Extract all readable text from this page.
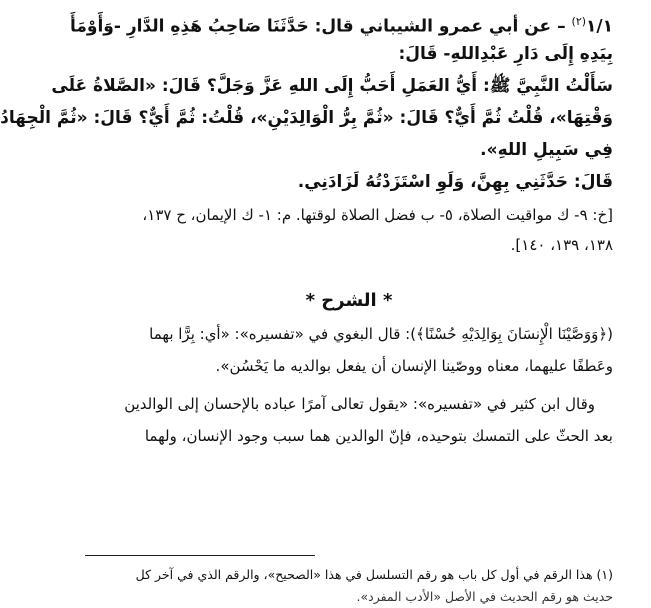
١/١$^{(٢)}$ – عن أبي عمرو الشيباني قال: حَدَّثَنَا صَاحِبُ هَذِهِ الدَّارِ -وَأَوْمَأَ
بِيَدِهِ إِلَى دَارِ عَبْدِاللهِ- قَالَ:
سَأَلْتُ النَّبِيَّ ﷺ: أَيُّ العَمَلِ أَحَبُّ إِلَى اللهِ عَزَّ وَجَلَّ؟ قَالَ: «الصَّلاةُ عَلَى
وَقْتِهَا»، قُلْتُ ثُمَّ أَيٌّ؟ قَالَ: «ثُمَّ بِرُّ الْوَالِدَيْنِ»، قُلْتُ: ثُمَّ أَيٌّ؟ قَالَ: «ثُمَّ الْجِهَادُ
فِي سَبِيلِ اللهِ».
قَالَ: حَدَّثَنِي بِهِنَّ، وَلَوِ اسْتَزَدْتُهُ لَزَادَنِي.
[خ: ٩- ك مواقيت الصلاة، ٥- ب فضل الصلاة لوقتها. م: ١- ك الإيمان، ح ١٣٧،
١٣٨، ١٣٩، ١٤٠].
* الشرح *
(﴿وَوَصَّيْنَا الْإِنسَانَ بِوَالِدَيْهِ حُسْنًا﴾): قال البغوي في «تفسيره»: «أي: بِرًّا بهما
وعَطفًا عليهما، معناه ووصّينا الإنسان أن يفعل بوالديه ما يَحْسُن».
وقال ابن كثير في «تفسيره»: «يقول تعالى آمرًا عباده بالإحسان إلى الوالدين
بعد الحثّ على التمسك بتوحيده، فإنّ الوالدين هما سبب وجود الإنسان، ولهما
(١) هذا الرقم في أول كل باب هو رقم التسلسل في هذا «الصحيح»، والرقم الذي في آخر كل
حديث هو رقم الحديث في الأصل «الأدب المفرد».
